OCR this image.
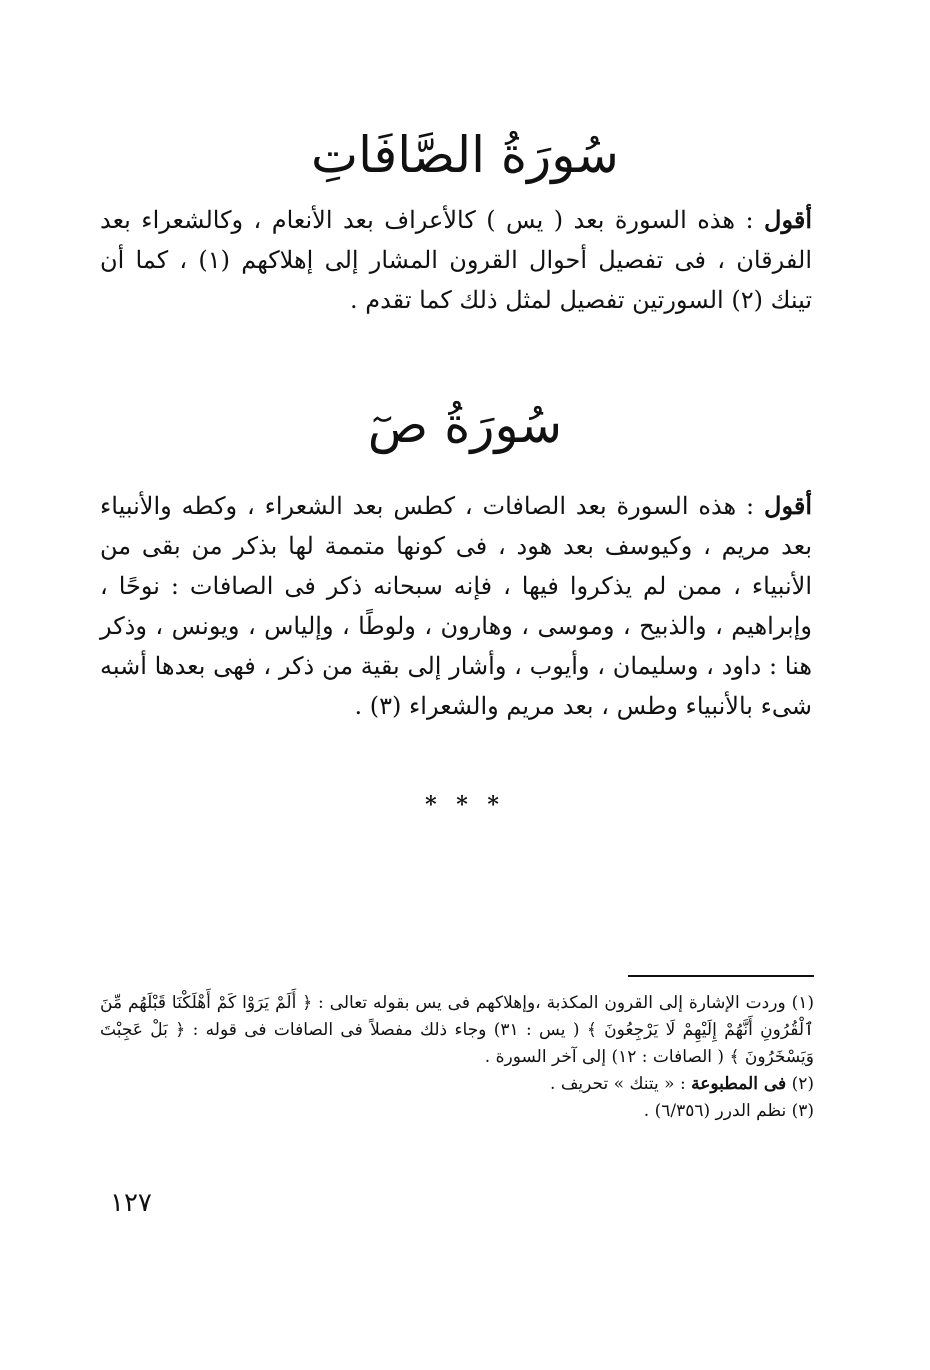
سُورَةُ الصَّافَاتِ

أقول : هذه السورة بعد ( يس ) كالأعراف بعد الأنعام ، وكالشعراء بعد الفرقان ، فى تفصيل أحوال القرون المشار إلى إهلاكهم (١) ، كما أن تينك (٢) السورتين تفصيل لمثل ذلك كما تقدم .

سُورَةُ صٓ

أقول : هذه السورة بعد الصافات ، كطس بعد الشعراء ، وكطه والأنبياء بعد مريم ، وكيوسف بعد هود ، فى كونها متممة لها بذكر من بقى من الأنبياء ، ممن لم يذكروا فيها ، فإنه سبحانه ذكر فى الصافات : نوحًا ، وإبراهيم ، والذبيح ، وموسى ، وهارون ، ولوطًا ، وإلياس ، ويونس ، وذكر هنا : داود ، وسليمان ، وأيوب ، وأشار إلى بقية من ذكر ، فهى بعدها أشبه شىء بالأنبياء وطس ، بعد مريم والشعراء (٣) .

* * *

(١) وردت الإشارة إلى القرون المكذبة ،وإهلاكهم فى يس بقوله تعالى : ﴿ أَلَمْ يَرَوْا كَمْ أَهْلَكْنَا قَبْلَهُم مِّنَ ٱلْقُرُونِ أَنَّهُمْ إِلَيْهِمْ لَا يَرْجِعُونَ ﴾ ( يس : ٣١) وجاء ذلك مفصلاً فى الصافات فى قوله : ﴿ بَلْ عَجِبْتَ وَيَسْخَرُونَ ﴾ ( الصافات : ١٢) إلى آخر السورة .

(٢) فى المطبوعة : « يتنك » تحريف .

(٣) نظم الدرر (٦/٣٥٦) .

١٢٧
